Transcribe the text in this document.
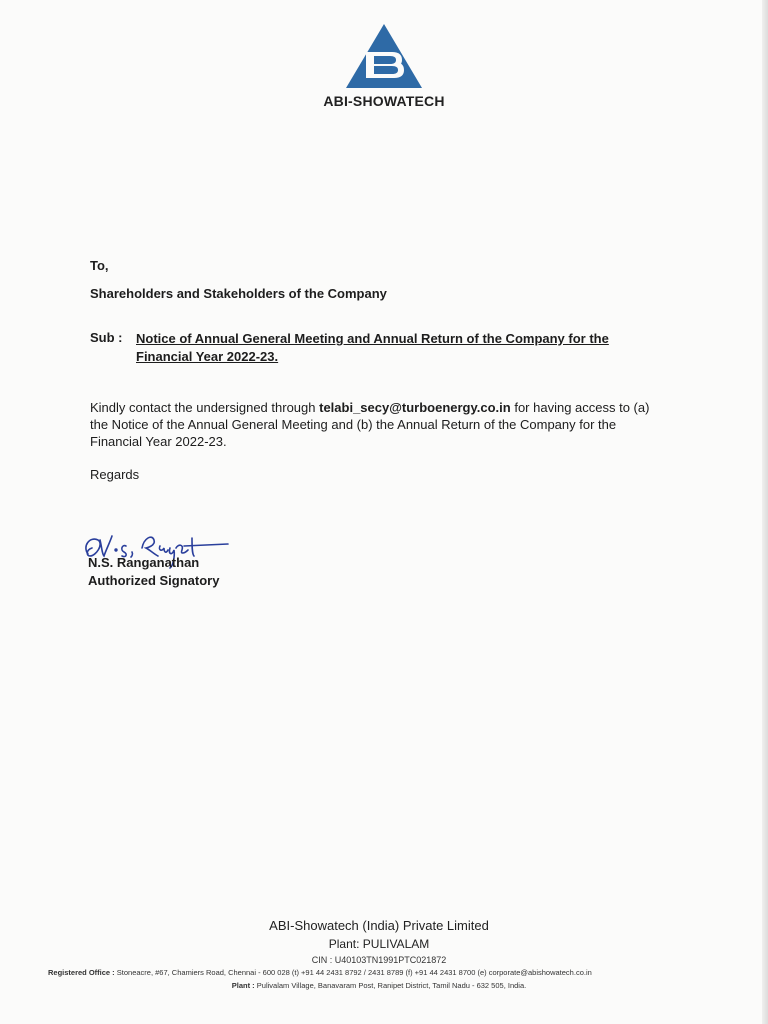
ABI-SHOWATECH
To,
Shareholders and Stakeholders of the Company
Sub : Notice of Annual General Meeting and Annual Return of the Company for the Financial Year 2022-23.
Kindly contact the undersigned through telabi_secy@turboenergy.co.in for having access to (a) the Notice of the Annual General Meeting and (b) the Annual Return of the Company for the Financial Year 2022-23.
Regards
N.S. Ranganathan
Authorized Signatory
ABI-Showatech (India) Private Limited
Plant: PULIVALAM
CIN : U40103TN1991PTC021872
Registered Office : Stoneacre, #67, Chamiers Road, Chennai - 600 028 (t) +91 44 2431 8792 / 2431 8789 (f) +91 44 2431 8700 (e) corporate@abishowatech.co.in
Plant : Pulivalam Village, Banavaram Post, Ranipet District, Tamil Nadu - 632 505, India.
